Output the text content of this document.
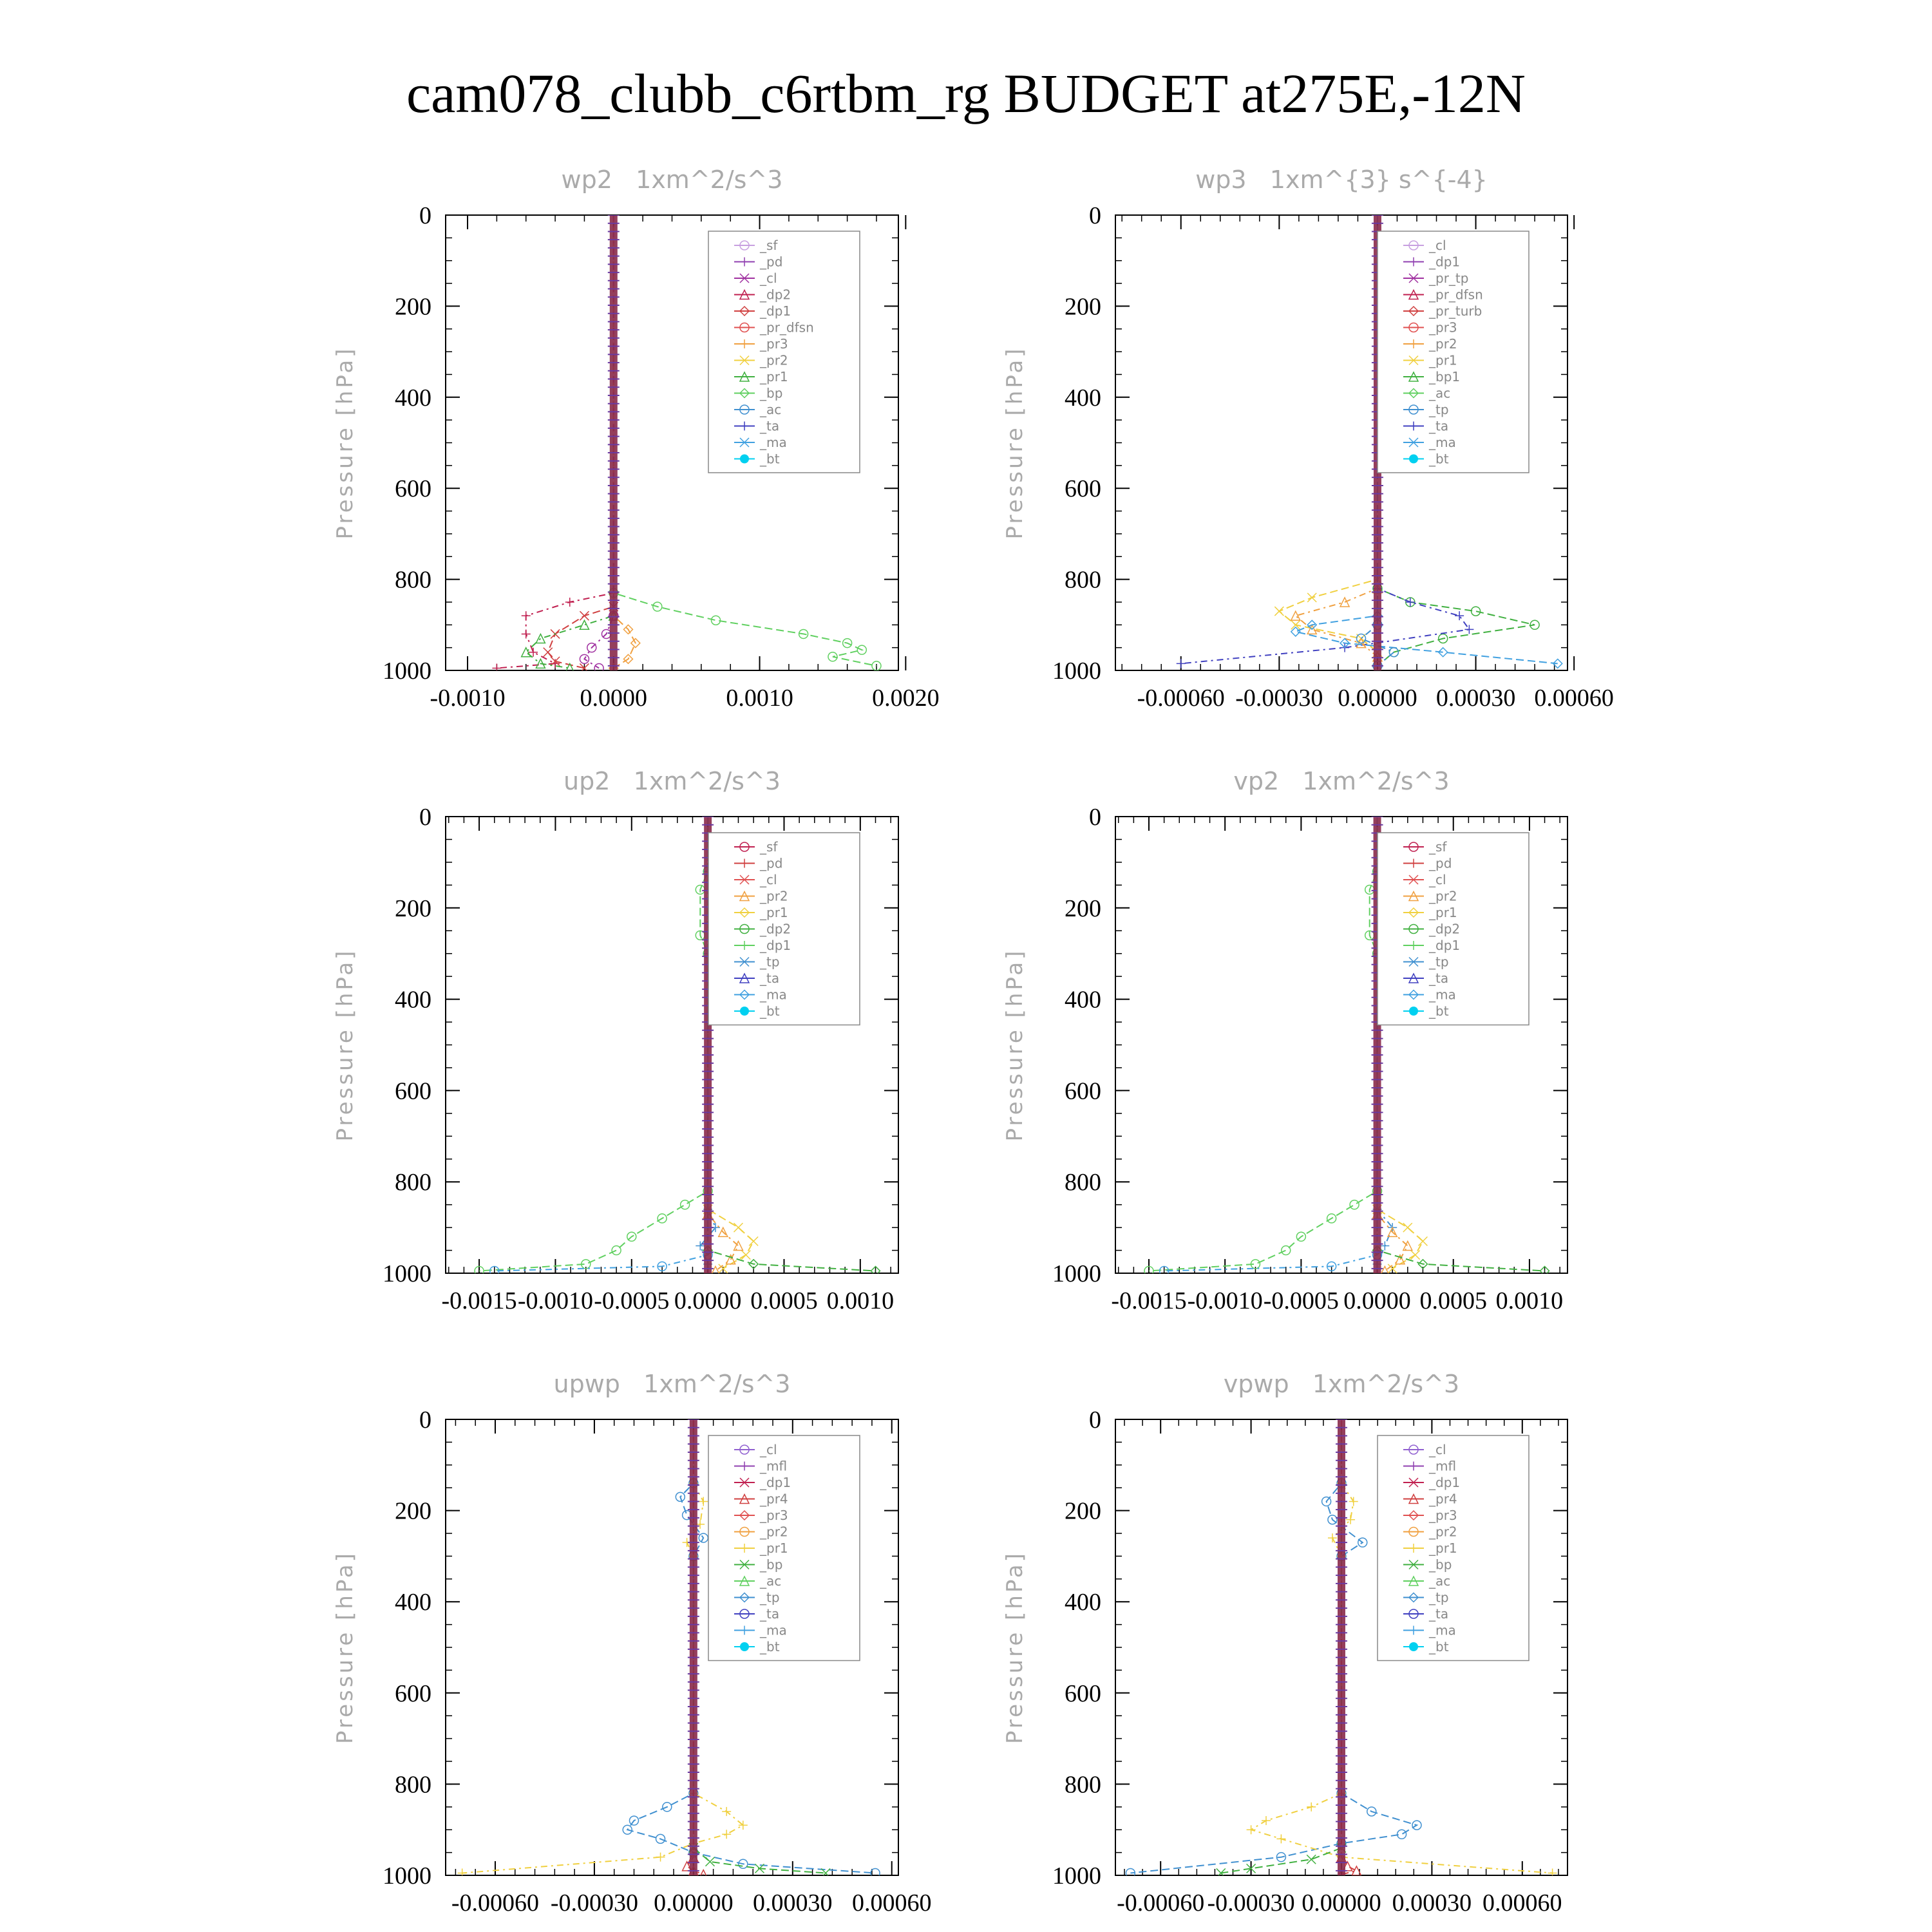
cam078_clubb_c6rtbm_rg BUDGET at275E,-12N
wp2   1xm^2/s^3
Pressure [hPa]
0
200
400
600
800
1000
-0.0010	0.0000	0.0010	0.0020
_sf
_pd
_cl
_dp2
_dp1
_pr_dfsn
_pr3
_pr2
_pr1
_bp
_ac
_ta
_ma
_bt
wp3   1xm^{3} s^{-4}
Pressure [hPa]
0
200
400
600
800
1000
-0.00060 -0.00030 0.00000 0.00030 0.00060
_cl
_dp1
_pr_tp
_pr_dfsn
_pr_turb
_pr3
_pr2
_pr1
_bp1
_ac
_tp
_ta
_ma
_bt
up2   1xm^2/s^3
Pressure [hPa]
0
200
400
600
800
1000
-0.0015 -0.0010 -0.0005 0.0000 0.0005 0.0010
_sf
_pd
_cl
_pr2
_pr1
_dp2
_dp1
_tp
_ta
_ma
_bt
vp2   1xm^2/s^3
Pressure [hPa]
0
200
400
600
800
1000
-0.0015 -0.0010 -0.0005 0.0000 0.0005 0.0010
_sf
_pd
_cl
_pr2
_pr1
_dp2
_dp1
_tp
_ta
_ma
_bt
upwp   1xm^2/s^3
Pressure [hPa]
0
200
400
600
800
1000
-0.00060 -0.00030 0.00000 0.00030 0.00060
_cl
_mfl
_dp1
_pr4
_pr3
_pr2
_pr1
_bp
_ac
_tp
_ta
_ma
_bt
vpwp   1xm^2/s^3
Pressure [hPa]
0
200
400
600
800
1000
-0.00060 -0.00030 0.00000 0.00030 0.00060
_cl
_mfl
_dp1
_pr4
_pr3
_pr2
_pr1
_bp
_ac
_tp
_ta
_ma
_bt
